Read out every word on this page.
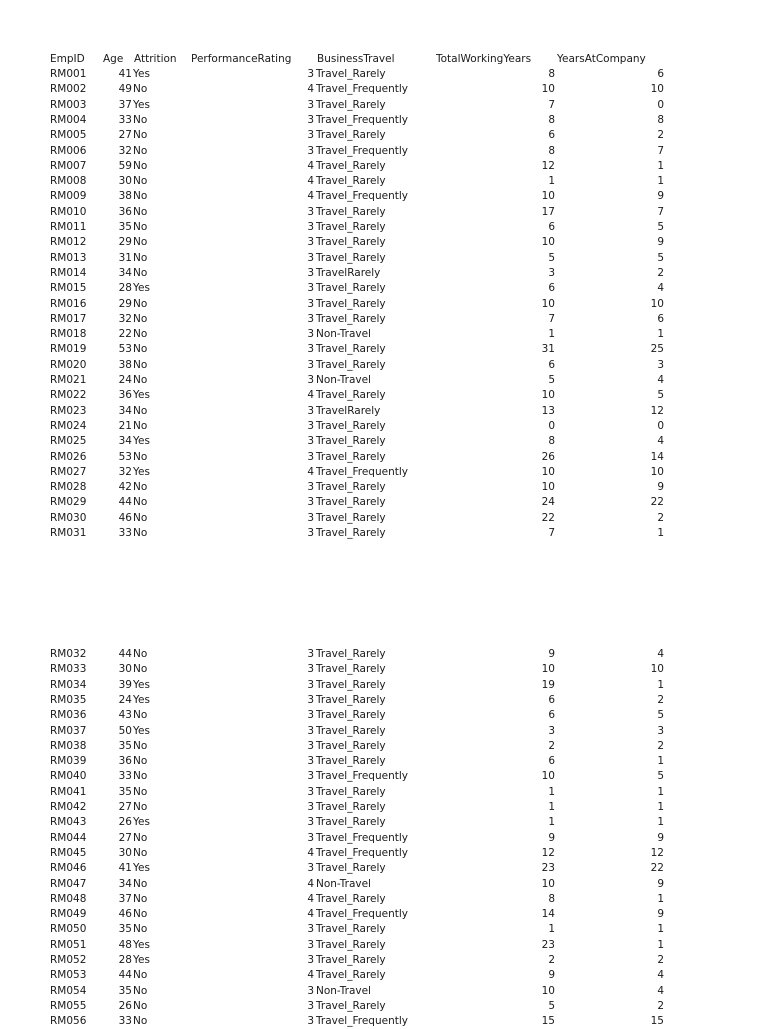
EmpID Age Attrition PerformanceRating BusinessTravel	TotalWorkingYears YearsAtCompany
RM001	41 Yes	3 Travel_Rarely	8	6
RM002	49 No	4 Travel_Frequently	10	10
RM003	37 Yes	3 Travel_Rarely	7	0
RM004	33 No	3 Travel_Frequently	8	8
RM005	27 No	3 Travel_Rarely	6	2
RM006	32 No	3 Travel_Frequently	8	7
RM007	59 No	4 Travel_Rarely	12	1
RM008	30 No	4 Travel_Rarely	1	1
RM009	38 No	4 Travel_Frequently	10	9
RM010	36 No	3 Travel_Rarely	17	7
RM011	35 No	3 Travel_Rarely	6	5
RM012	29 No	3 Travel_Rarely	10	9
RM013	31 No	3 Travel_Rarely	5	5
RM014	34 No	3 TravelRarely	3	2
RM015	28 Yes	3 Travel_Rarely	6	4
RM016	29 No	3 Travel_Rarely	10	10
RM017	32 No	3 Travel_Rarely	7	6
RM018	22 No	3 Non-Travel	1	1
RM019	53 No	3 Travel_Rarely	31	25
RM020	38 No	3 Travel_Rarely	6	3
RM021	24 No	3 Non-Travel	5	4
RM022	36 Yes	4 Travel_Rarely	10	5
RM023	34 No	3 TravelRarely	13	12
RM024	21 No	3 Travel_Rarely	0	0
RM025	34 Yes	3 Travel_Rarely	8	4
RM026	53 No	3 Travel_Rarely	26	14
RM027	32 Yes	4 Travel_Frequently	10	10
RM028	42 No	3 Travel_Rarely	10	9
RM029	44 No	3 Travel_Rarely	24	22
RM030	46 No	3 Travel_Rarely	22	2
RM031	33 No	3 Travel_Rarely	7	1
RM032	44 No	3 Travel_Rarely	9	4
RM033	30 No	3 Travel_Rarely	10	10
RM034	39 Yes	3 Travel_Rarely	19	1
RM035	24 Yes	3 Travel_Rarely	6	2
RM036	43 No	3 Travel_Rarely	6	5
RM037	50 Yes	3 Travel_Rarely	3	3
RM038	35 No	3 Travel_Rarely	2	2
RM039	36 No	3 Travel_Rarely	6	1
RM040	33 No	3 Travel_Frequently	10	5
RM041	35 No	3 Travel_Rarely	1	1
RM042	27 No	3 Travel_Rarely	1	1
RM043	26 Yes	3 Travel_Rarely	1	1
RM044	27 No	3 Travel_Frequently	9	9
RM045	30 No	4 Travel_Frequently	12	12
RM046	41 Yes	3 Travel_Rarely	23	22
RM047	34 No	4 Non-Travel	10	9
RM048	37 No	4 Travel_Rarely	8	1
RM049	46 No	4 Travel_Frequently	14	9
RM050	35 No	3 Travel_Rarely	1	1
RM051	48 Yes	3 Travel_Rarely	23	1
RM052	28 Yes	3 Travel_Rarely	2	2
RM053	44 No	4 Travel_Rarely	9	4
RM054	35 No	3 Non-Travel	10	4
RM055	26 No	3 Travel_Rarely	5	2
RM056	33 No	3 Travel_Frequently	15	15
